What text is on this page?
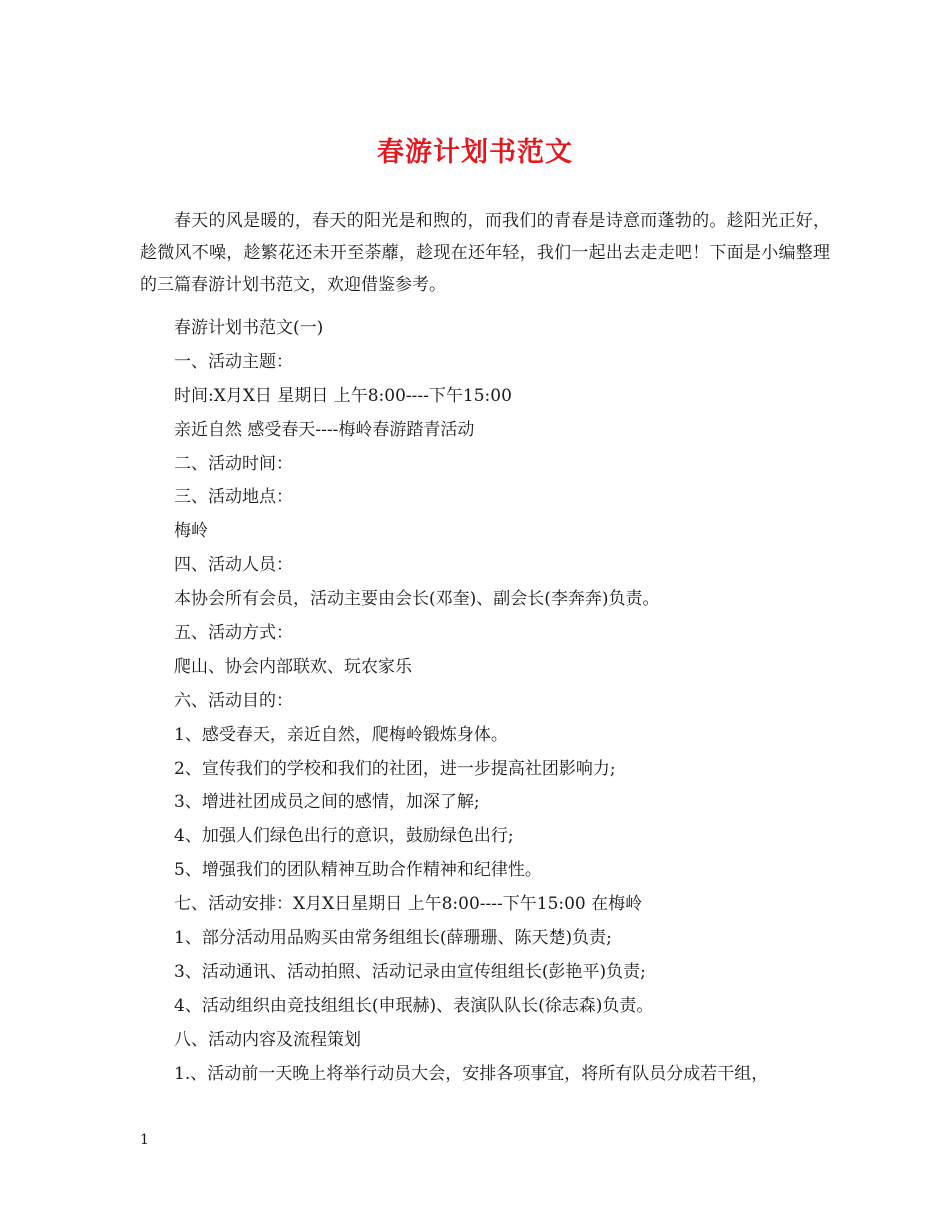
春游计划书范文

春天的风是暖的，春天的阳光是和煦的，而我们的青春是诗意而蓬勃的。趁阳光正好，趁微风不噪，趁繁花还未开至荼蘼，趁现在还年轻，我们一起出去走走吧！下面是小编整理的三篇春游计划书范文，欢迎借鉴参考。

春游计划书范文(一)
一、活动主题：
时间:X月X日 星期日 上午8:00----下午15:00
亲近自然 感受春天----梅岭春游踏青活动
二、活动时间：
三、活动地点：
梅岭
四、活动人员：
本协会所有会员，活动主要由会长(邓奎)、副会长(李奔奔)负责。
五、活动方式：
爬山、协会内部联欢、玩农家乐
六、活动目的：
1、感受春天，亲近自然，爬梅岭锻炼身体。
2、宣传我们的学校和我们的社团，进一步提高社团影响力;
3、增进社团成员之间的感情，加深了解;
4、加强人们绿色出行的意识，鼓励绿色出行;
5、增强我们的团队精神互助合作精神和纪律性。
七、活动安排：X月X日星期日 上午8:00----下午15:00 在梅岭
1、部分活动用品购买由常务组组长(薛珊珊、陈天楚)负责;
3、活动通讯、活动拍照、活动记录由宣传组组长(彭艳平)负责;
4、活动组织由竞技组组长(申珉赫)、表演队队长(徐志森)负责。
八、活动内容及流程策划
1.、活动前一天晚上将举行动员大会，安排各项事宜，将所有队员分成若干组，
1
